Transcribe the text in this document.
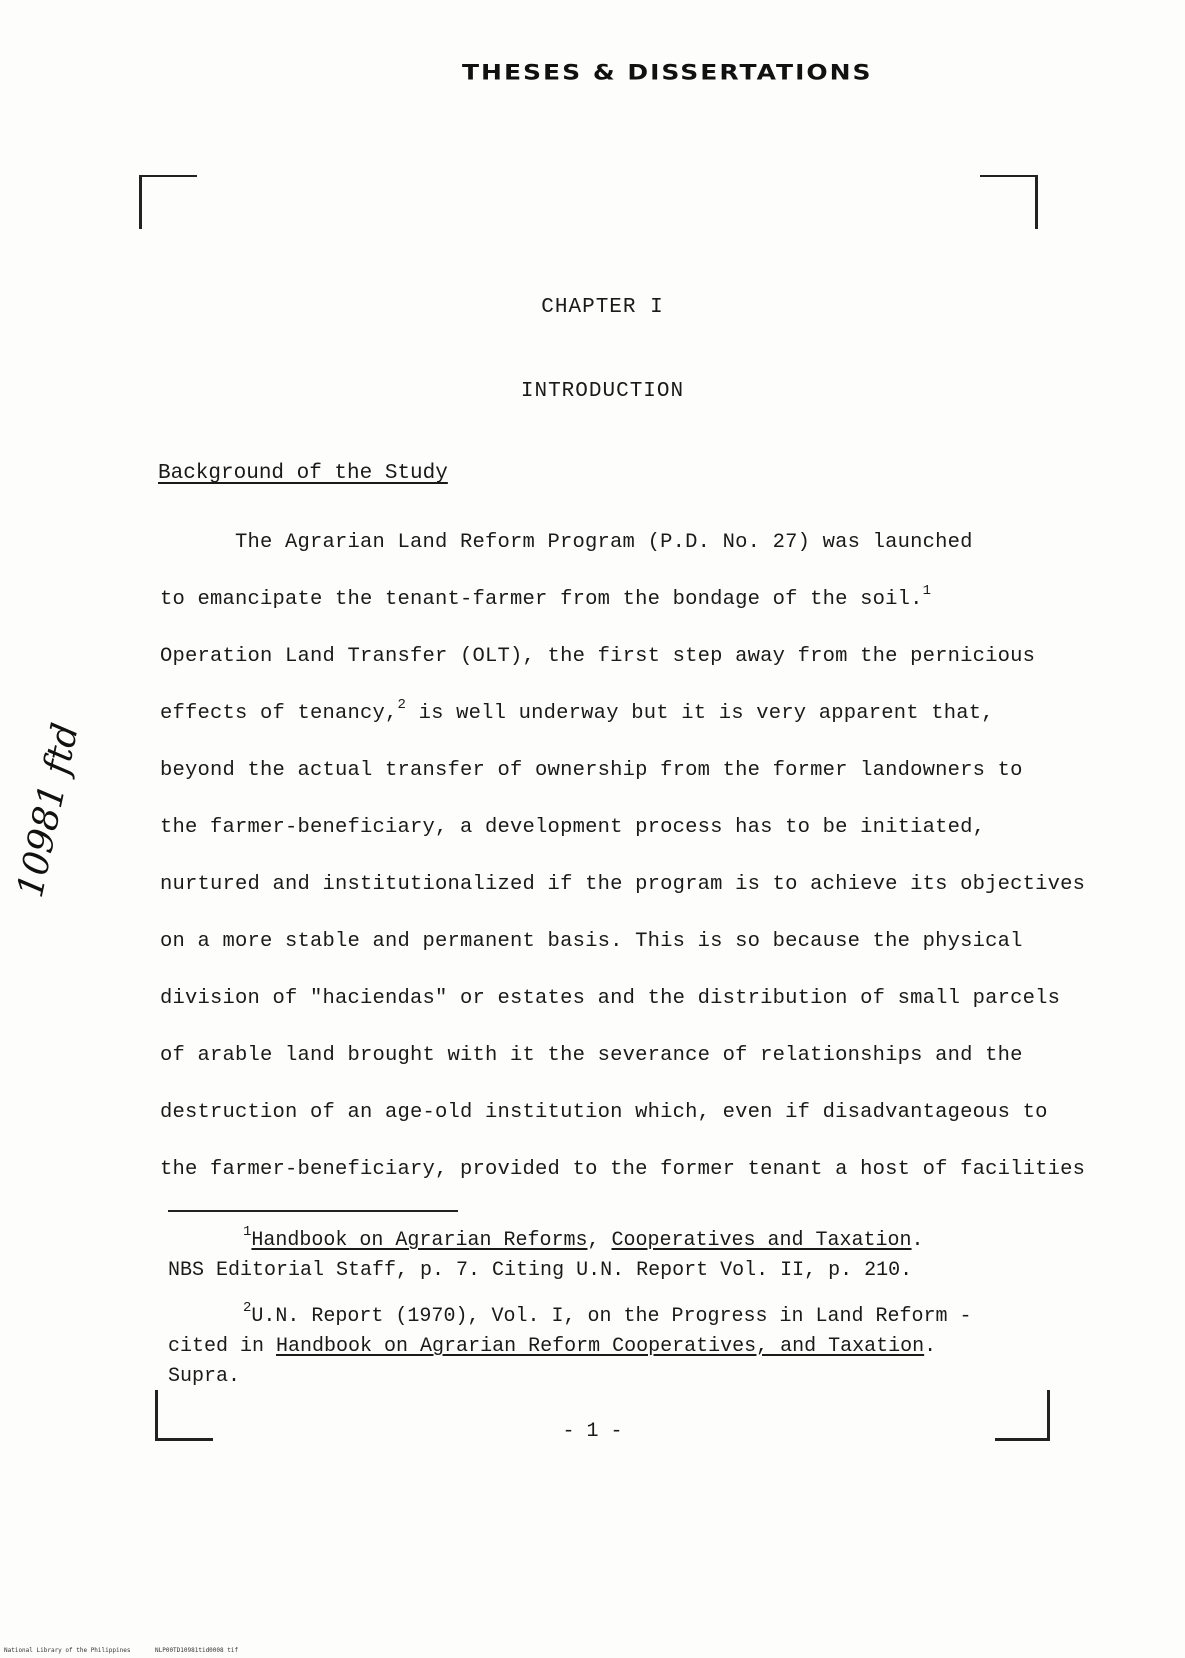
THESES & DISSERTATIONS
CHAPTER I
INTRODUCTION
Background of the Study
The Agrarian Land Reform Program (P.D. No. 27) was launched
to emancipate the tenant-farmer from the bondage of the soil.$^1$
Operation Land Transfer (OLT), the first step away from the pernicious
effects of tenancy,$^2$ is well underway but it is very apparent that,
beyond the actual transfer of ownership from the former landowners to
the farmer-beneficiary, a development process has to be initiated,
nurtured and institutionalized if the program is to achieve its objectives
on a more stable and permanent basis. This is so because the physical
division of "haciendas" or estates and the distribution of small parcels
of arable land brought with it the severance of relationships and the
destruction of an age-old institution which, even if disadvantageous to
the farmer-beneficiary, provided to the former tenant a host of facilities
$^1$Handbook on Agrarian Reforms, Cooperatives and Taxation.
NBS Editorial Staff, p. 7. Citing U.N. Report Vol. II, p. 210.
$^2$U.N. Report (1970), Vol. I, on the Progress in Land Reform -
cited in Handbook on Agrarian Reform Cooperatives, and Taxation.
Supra.
- 1 -
10981 ftd
National Library of the Philippines	NLP00TD10981tid0008 tif
